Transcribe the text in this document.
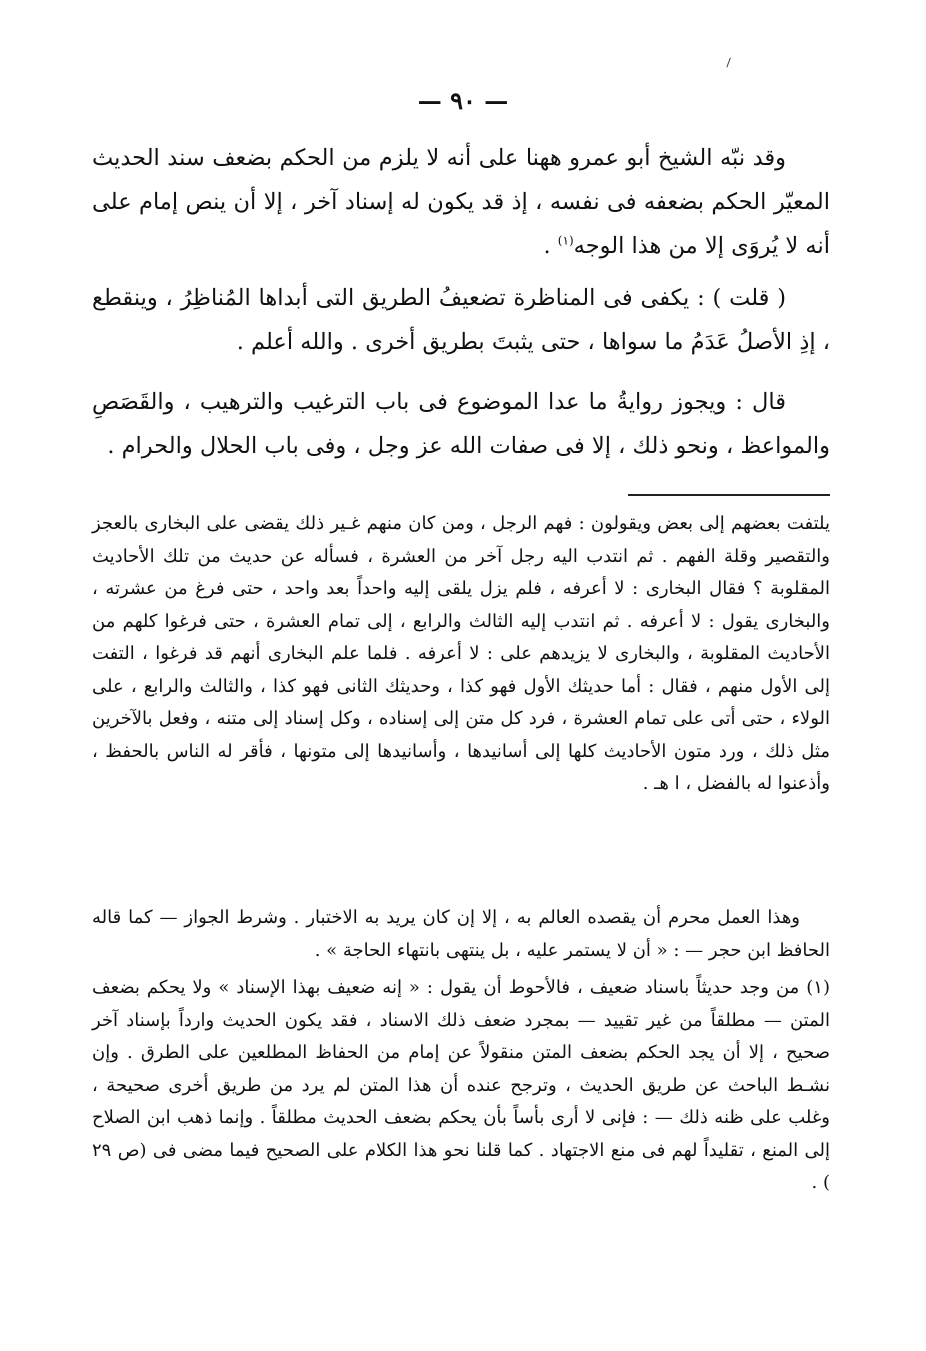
— ٩٠ —

وقد نبّه الشيخ أبو عمرو ههنا على أنه لا يلزم من الحكم بضعف سند الحديث المعيّر الحكم بضعفه فى نفسه ، إذ قد يكون له إسناد آخر ، إلا أن ينص إمام على أنه لا يُروَى إلا من هذا الوجه$^{(١)}$ .

( قلت ) : يكفى فى المناظرة تضعيفُ الطريق التى أبداها المُناظِرُ ، وينقطع ، إذِ الأصلُ عَدَمُ ما سواها ، حتى يثبتَ بطريق أخرى . والله أعلم .

قال : ويجوز روايةُ ما عدا الموضوع فى باب الترغيب والترهيب ، والقَصَصِ والمواعظ ، ونحو ذلك ، إلا فى صفات الله عز وجل ، وفى باب الحلال والحرام .

يلتفت بعضهم إلى بعض ويقولون : فهم الرجل ، ومن كان منهم غـير ذلك يقضى على البخارى بالعجز والتقصير وقلة الفهم . ثم انتدب اليه رجل آخر من العشرة ، فسأله عن حديث من تلك الأحاديث المقلوبة ؟ فقال البخارى : لا أعرفه ، فلم يزل يلقى إليه واحداً بعد واحد ، حتى فرغ من عشرته ، والبخارى يقول : لا أعرفه . ثم انتدب إليه الثالث والرابع ، إلى تمام العشرة ، حتى فرغوا كلهم من الأحاديث المقلوبة ، والبخارى لا يزيدهم على : لا أعرفه . فلما علم البخارى أنهم قد فرغوا ، التفت إلى الأول منهم ، فقال : أما حديثك الأول فهو كذا ، وحديثك الثانى فهو كذا ، والثالث والرابع ، على الولاء ، حتى أتى على تمام العشرة ، فرد كل متن إلى إسناده ، وكل إسناد إلى متنه ، وفعل بالآخرين مثل ذلك ، ورد متون الأحاديث كلها إلى أسانيدها ، وأسانيدها إلى متونها ، فأقر له الناس بالحفظ ، وأذعنوا له بالفضل ، ا هـ .

وهذا العمل محرم أن يقصده العالم به ، إلا إن كان يريد به الاختبار . وشرط الجواز — كما قاله الحافظ ابن حجر — : « أن لا يستمر عليه ، بل ينتهى بانتهاء الحاجة » .

(١) من وجد حديثاً باسناد ضعيف ، فالأحوط أن يقول : « إنه ضعيف بهذا الإسناد » ولا يحكم بضعف المتن — مطلقاً من غير تقييد — بمجرد ضعف ذلك الاسناد ، فقد يكون الحديث وارداً بإسناد آخر صحيح ، إلا أن يجد الحكم بضعف المتن منقولاً عن إمام من الحفاظ المطلعين على الطرق . وإن نشـط الباحث عن طريق الحديث ، وترجح عنده أن هذا المتن لم يرد من طريق أخرى صحيحة ، وغلب على ظنه ذلك — : فإنى لا أرى بأساً بأن يحكم بضعف الحديث مطلقاً . وإنما ذهب ابن الصلاح إلى المنع ، تقليداً لهم فى منع الاجتهاد . كما قلنا نحو هذا الكلام على الصحيح فيما مضى فى (ص ٢٩ ) .
